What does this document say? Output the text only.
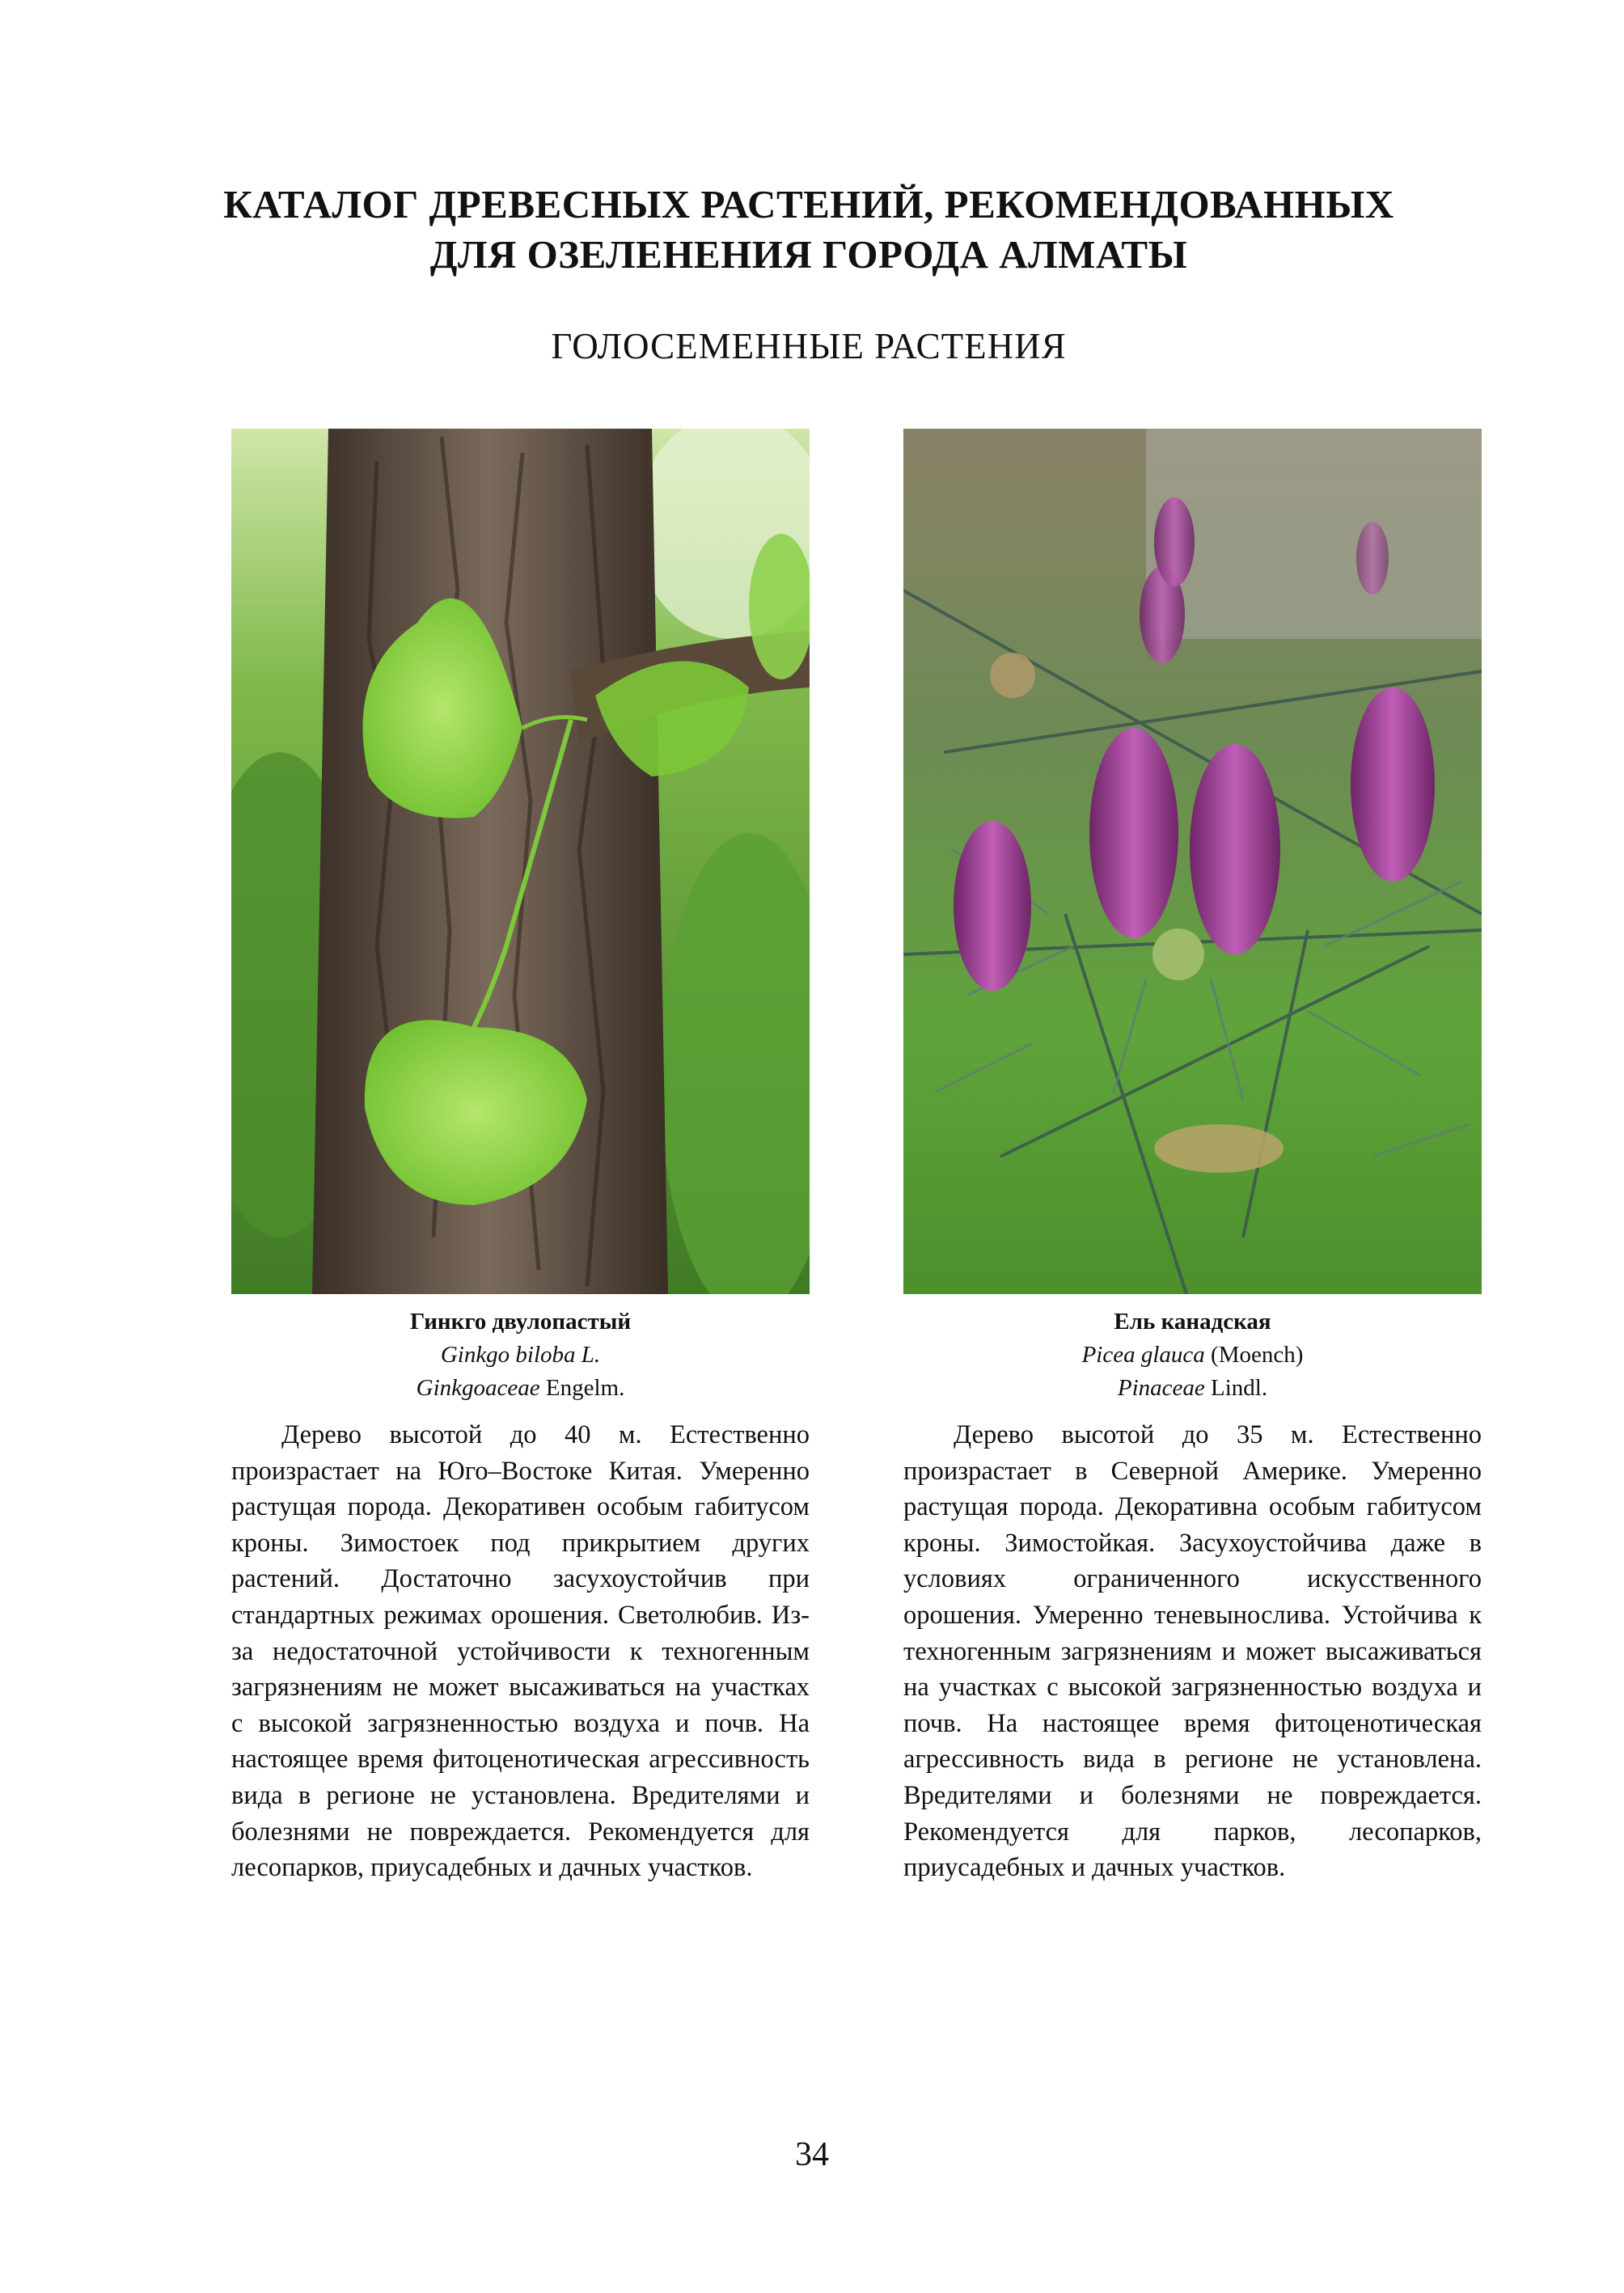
КАТАЛОГ ДРЕВЕСНЫХ РАСТЕНИЙ, РЕКОМЕНДОВАННЫХ
ДЛЯ ОЗЕЛЕНЕНИЯ ГОРОДА АЛМАТЫ
ГОЛОСЕМЕННЫЕ РАСТЕНИЯ
Гинкго двулопастый
Ginkgo biloba L.
Ginkgoaceae Engelm.
Ель канадская
Picea glauca (Moench)
Pinaceae Lindl.
Дерево высотой до 40 м. Естественно произрастает на Юго–Востоке Китая. Умеренно растущая порода. Декоративен особым габитусом кроны. Зимостоек под прикрытием других растений. Достаточно засухоустойчив при стандартных режимах орошения. Светолюбив. Из-за недостаточной устойчивости к техногенным загрязнениям не может высаживаться на участках с высокой загрязненностью воздуха и почв. На настоящее время фитоценотическая агрессивность вида в регионе не установлена. Вредителями и болезнями не повреждается. Рекомендуется для лесопарков, приусадебных и дачных участков.
Дерево высотой до 35 м. Естественно произрастает в Северной Америке. Умеренно растущая порода. Декоративна особым габитусом кроны. Зимостойкая. Засухоустойчива даже в условиях ограниченного искусственного орошения. Умеренно теневыносливa. Устойчива к техногенным загрязнениям и может высаживаться на участках с высокой загрязненностью воздуха и почв. На настоящее время фитоценотическая агрессивность вида в регионе не установлена. Вредителями и болезнями не повреждается. Рекомендуется для парков, лесопарков, приусадебных и дачных участков.
34
